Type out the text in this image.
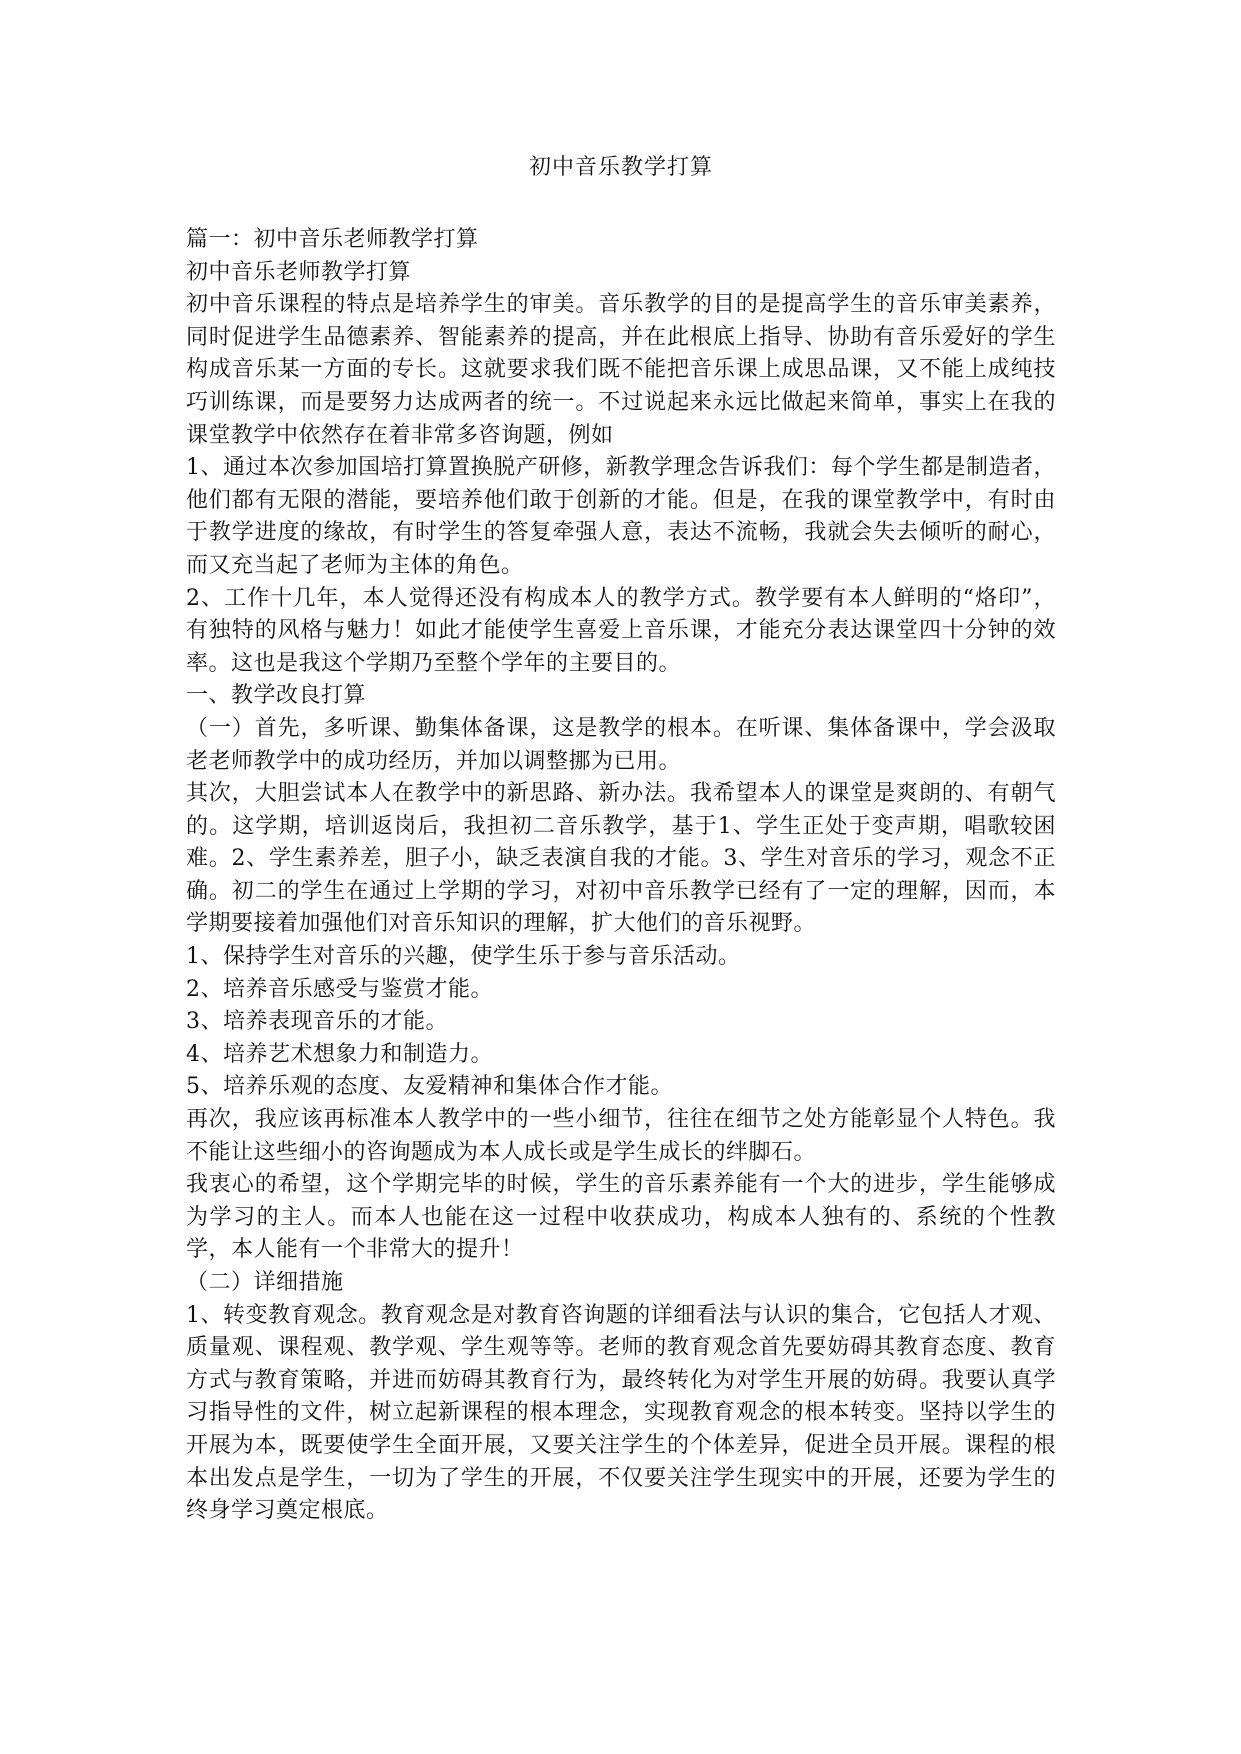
初中音乐教学打算

篇一：初中音乐老师教学打算

初中音乐老师教学打算

初中音乐课程的特点是培养学生的审美。音乐教学的目的是提高学生的音乐审美素养，同时促进学生品德素养、智能素养的提高，并在此根底上指导、协助有音乐爱好的学生构成音乐某一方面的专长。这就要求我们既不能把音乐课上成思品课，又不能上成纯技巧训练课，而是要努力达成两者的统一。不过说起来永远比做起来简单，事实上在我的课堂教学中依然存在着非常多咨询题，例如

1、通过本次参加国培打算置换脱产研修，新教学理念告诉我们：每个学生都是制造者，他们都有无限的潜能，要培养他们敢于创新的才能。但是，在我的课堂教学中，有时由于教学进度的缘故，有时学生的答复牵强人意，表达不流畅，我就会失去倾听的耐心，而又充当起了老师为主体的角色。

2、工作十几年，本人觉得还没有构成本人的教学方式。教学要有本人鲜明的“烙印”，有独特的风格与魅力！如此才能使学生喜爱上音乐课，才能充分表达课堂四十分钟的效率。这也是我这个学期乃至整个学年的主要目的。

一、教学改良打算

（一）首先，多听课、勤集体备课，这是教学的根本。在听课、集体备课中，学会汲取老老师教学中的成功经历，并加以调整挪为已用。

其次，大胆尝试本人在教学中的新思路、新办法。我希望本人的课堂是爽朗的、有朝气的。这学期，培训返岗后，我担初二音乐教学，基于1、学生正处于变声期，唱歌较困难。2、学生素养差，胆子小，缺乏表演自我的才能。3、学生对音乐的学习，观念不正确。初二的学生在通过上学期的学习，对初中音乐教学已经有了一定的理解，因而，本学期要接着加强他们对音乐知识的理解，扩大他们的音乐视野。

1、保持学生对音乐的兴趣，使学生乐于参与音乐活动。

2、培养音乐感受与鉴赏才能。

3、培养表现音乐的才能。

4、培养艺术想象力和制造力。

5、培养乐观的态度、友爱精神和集体合作才能。

再次，我应该再标准本人教学中的一些小细节，往往在细节之处方能彰显个人特色。我不能让这些细小的咨询题成为本人成长或是学生成长的绊脚石。

我衷心的希望，这个学期完毕的时候，学生的音乐素养能有一个大的进步，学生能够成为学习的主人。而本人也能在这一过程中收获成功，构成本人独有的、系统的个性教学，本人能有一个非常大的提升！

（二）详细措施

1、转变教育观念。教育观念是对教育咨询题的详细看法与认识的集合，它包括人才观、质量观、课程观、教学观、学生观等等。老师的教育观念首先要妨碍其教育态度、教育方式与教育策略，并进而妨碍其教育行为，最终转化为对学生开展的妨碍。我要认真学习指导性的文件，树立起新课程的根本理念，实现教育观念的根本转变。坚持以学生的开展为本，既要使学生全面开展，又要关注学生的个体差异，促进全员开展。课程的根本出发点是学生，一切为了学生的开展，不仅要关注学生现实中的开展，还要为学生的终身学习奠定根底。
